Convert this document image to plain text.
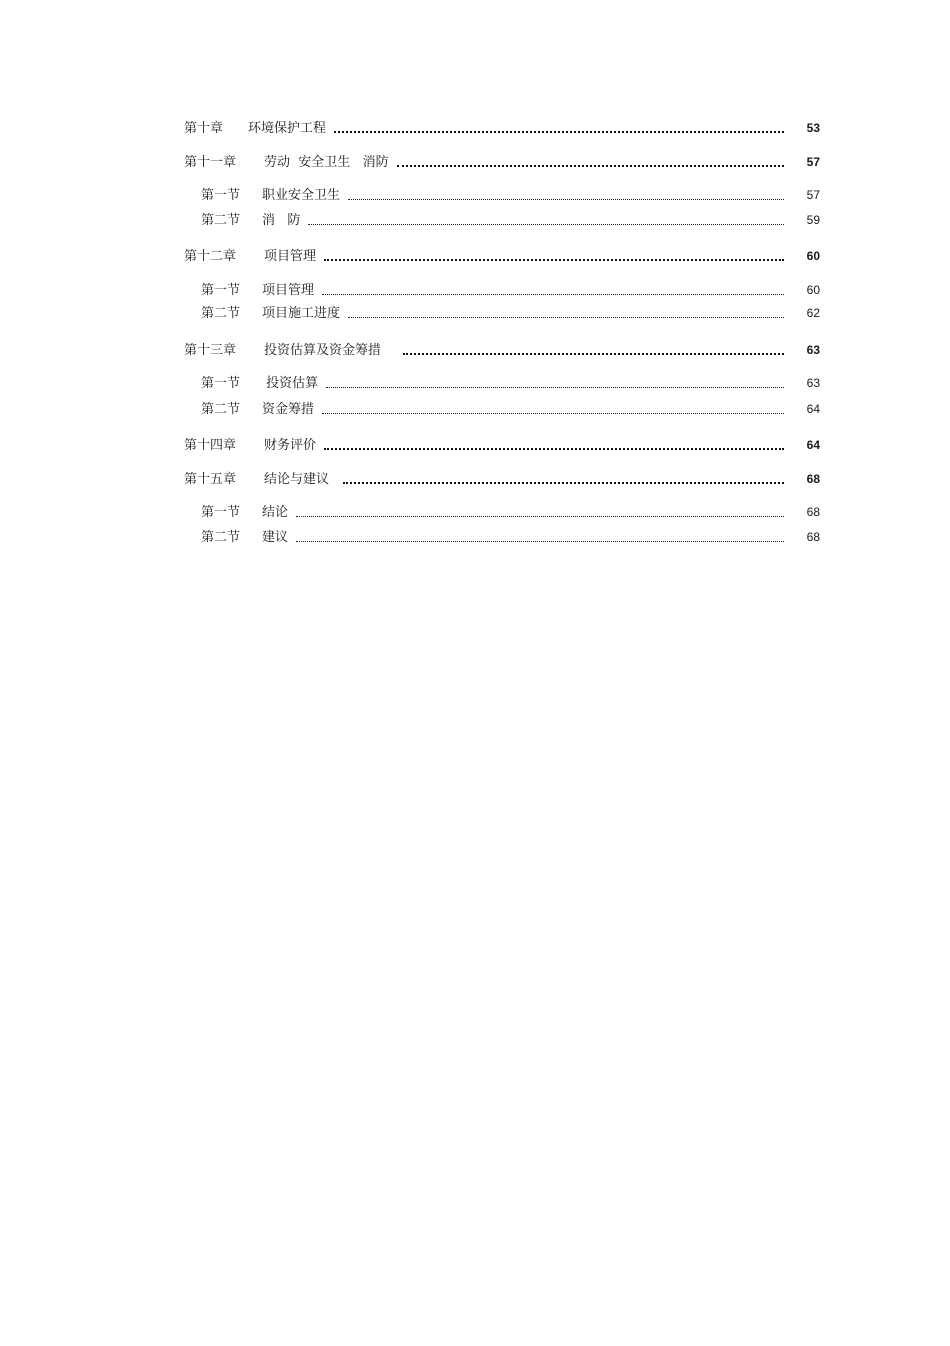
第十章	环境保护工程	53
第十一章	劳动  安全卫生   消防	57
第一节	职业安全卫生	57
第二节	消   防	59
第十二章	项目管理	60
第一节	项目管理	60
第二节	项目施工进度	62
第十三章	投资估算及资金筹措	63
第一节	投资估算	63
第二节	资金筹措	64
第十四章	财务评价	64
第十五章	结论与建议	68
第一节	结论	68
第二节	建议	68
